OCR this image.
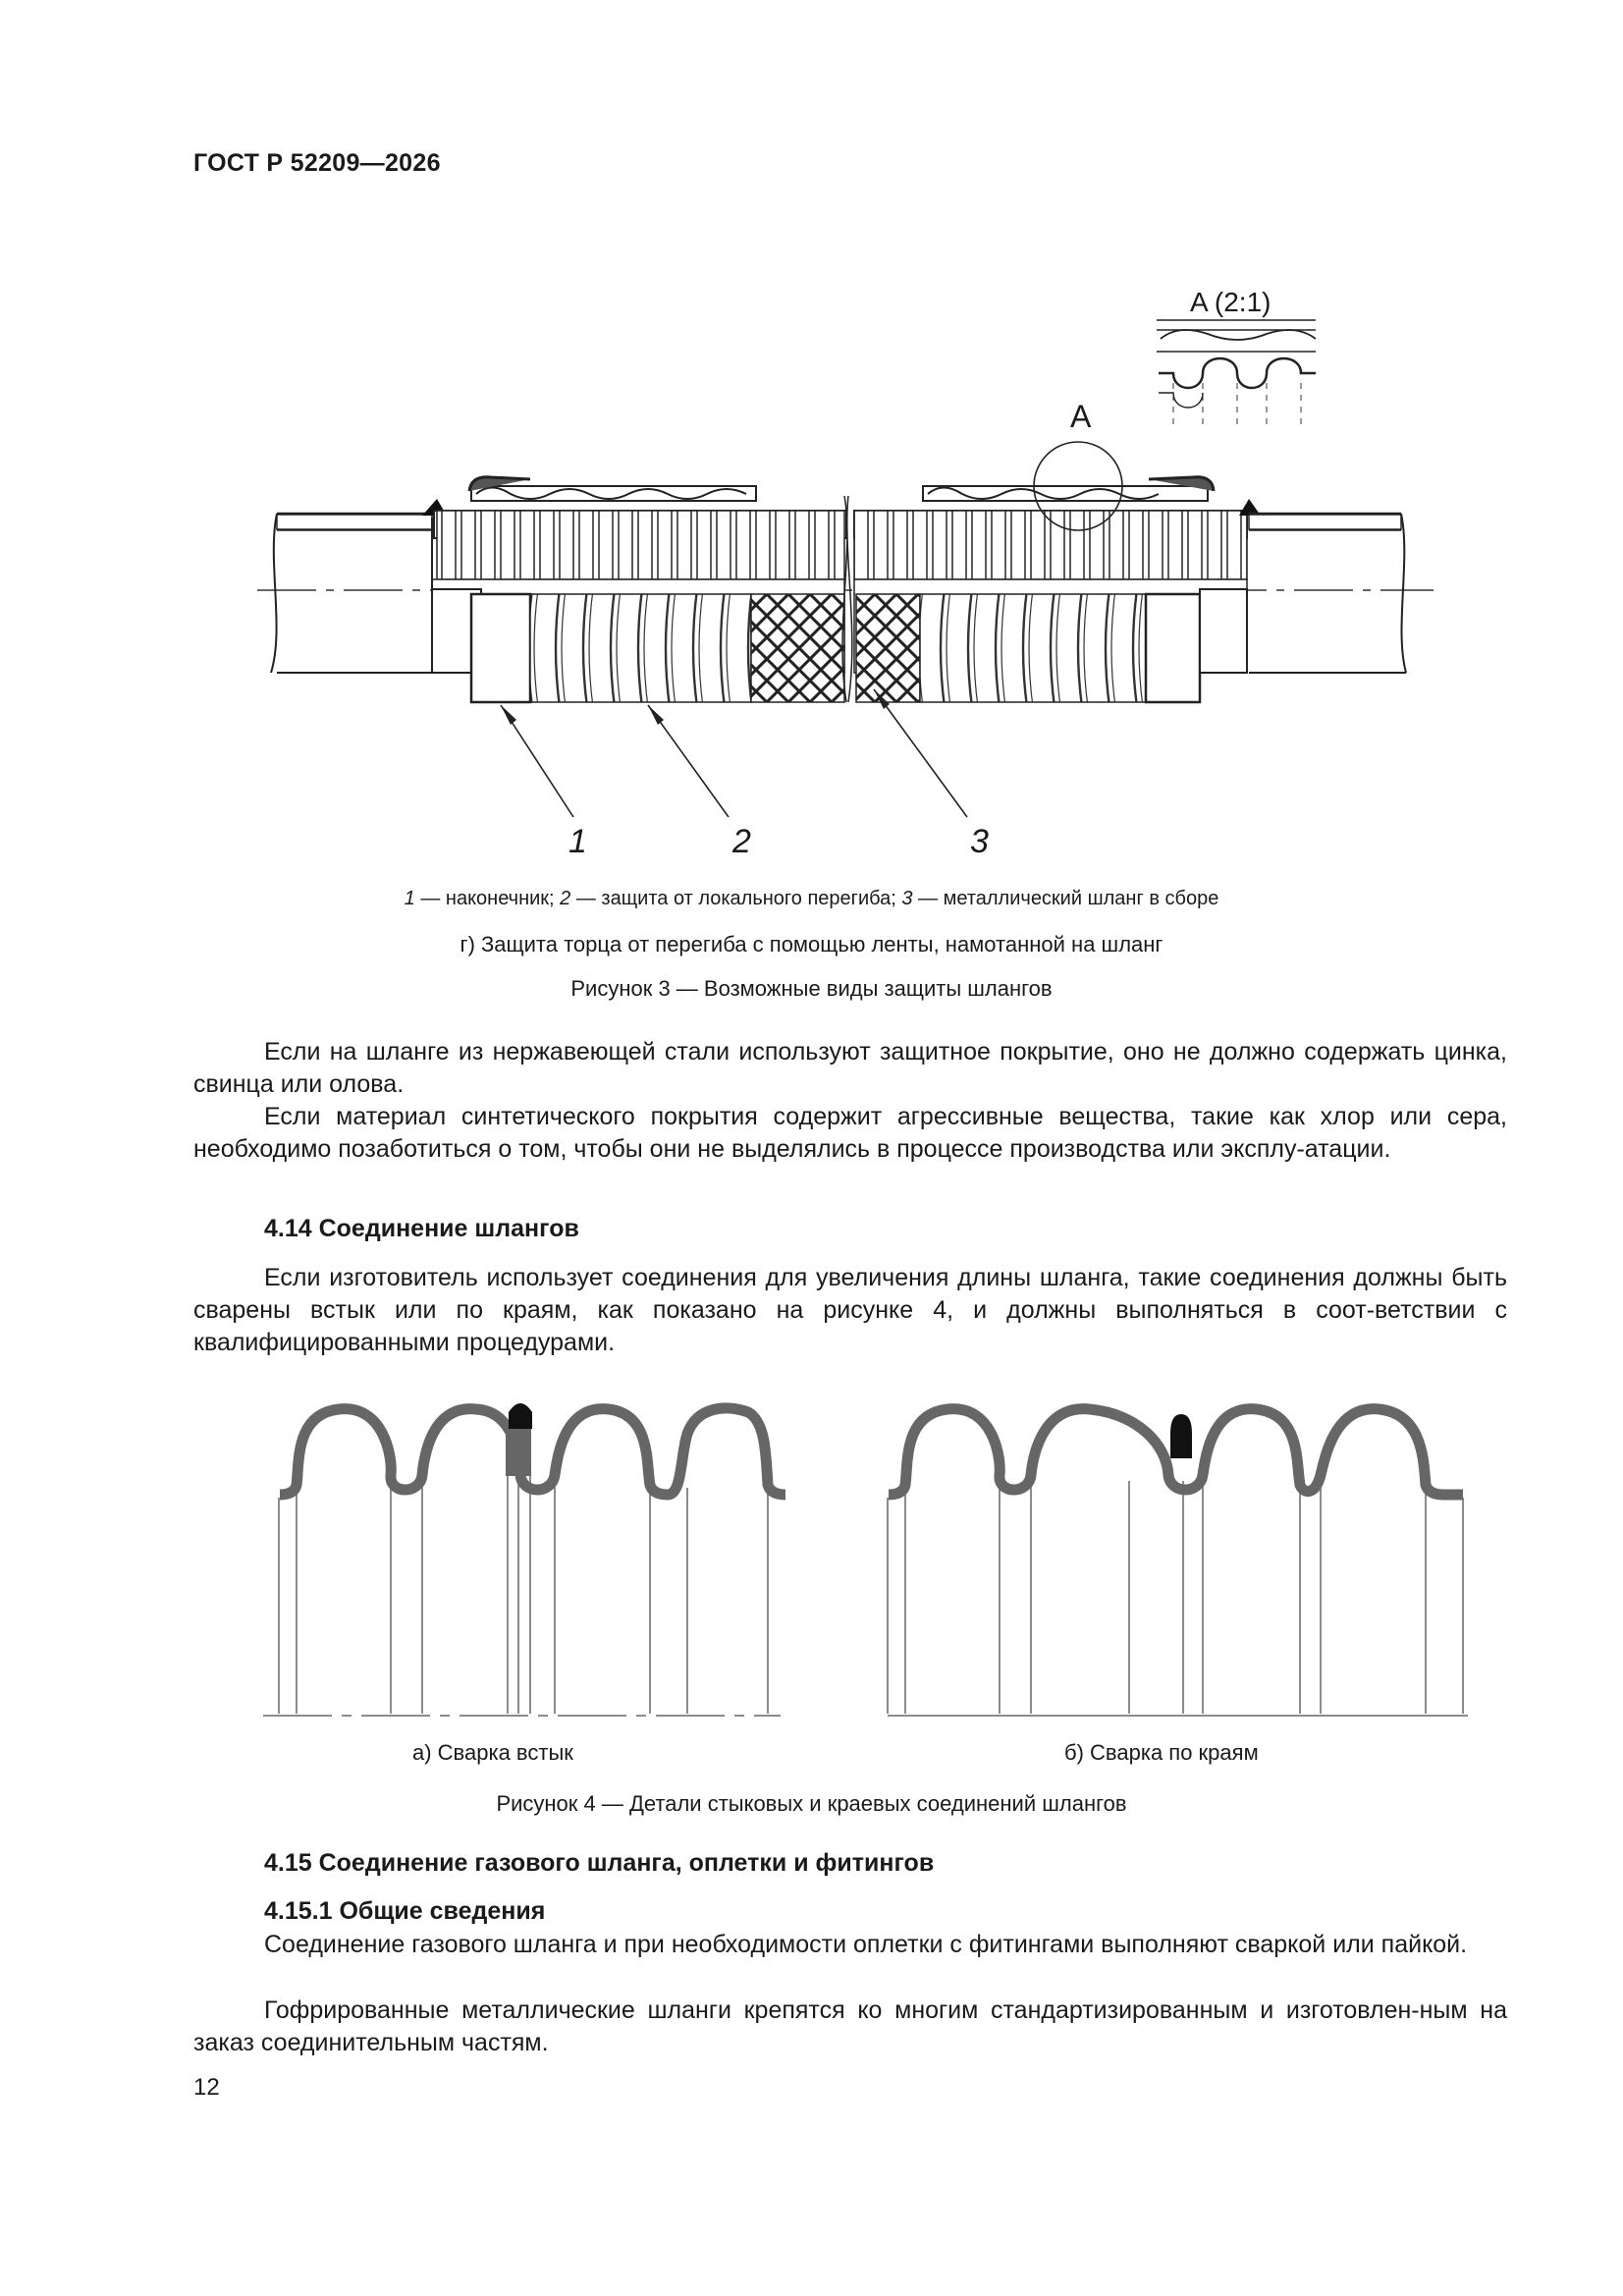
ГОСТ Р 52209—2026
A
A (2:1)
1	2	3
1 — наконечник; 2 — защита от локального перегиба; 3 — металлический шланг в сборе
г) Защита торца от перегиба с помощью ленты, намотанной на шланг
Рисунок 3 — Возможные виды защиты шлангов

Если на шланге из нержавеющей стали используют защитное покрытие, оно не должно содержать цинка, свинца или олова.

Если материал синтетического покрытия содержит агрессивные вещества, такие как хлор или сера, необходимо позаботиться о том, чтобы они не выделялись в процессе производства или эксплу-атации.

4.14 Соединение шлангов

Если изготовитель использует соединения для увеличения длины шланга, такие соединения должны быть сварены встык или по краям, как показано на рисунке 4, и должны выполняться в соот-ветствии с квалифицированными процедурами.

а) Сварка встык	б) Сварка по краям
Рисунок 4 — Детали стыковых и краевых соединений шлангов
4.15 Соединение газового шланга, оплетки и фитингов
4.15.1 Общие сведения

Соединение газового шланга и при необходимости оплетки с фитингами выполняют сваркой или пайкой.

Гофрированные металлические шланги крепятся ко многим стандартизированным и изготовлен-ным на заказ соединительным частям.

12
